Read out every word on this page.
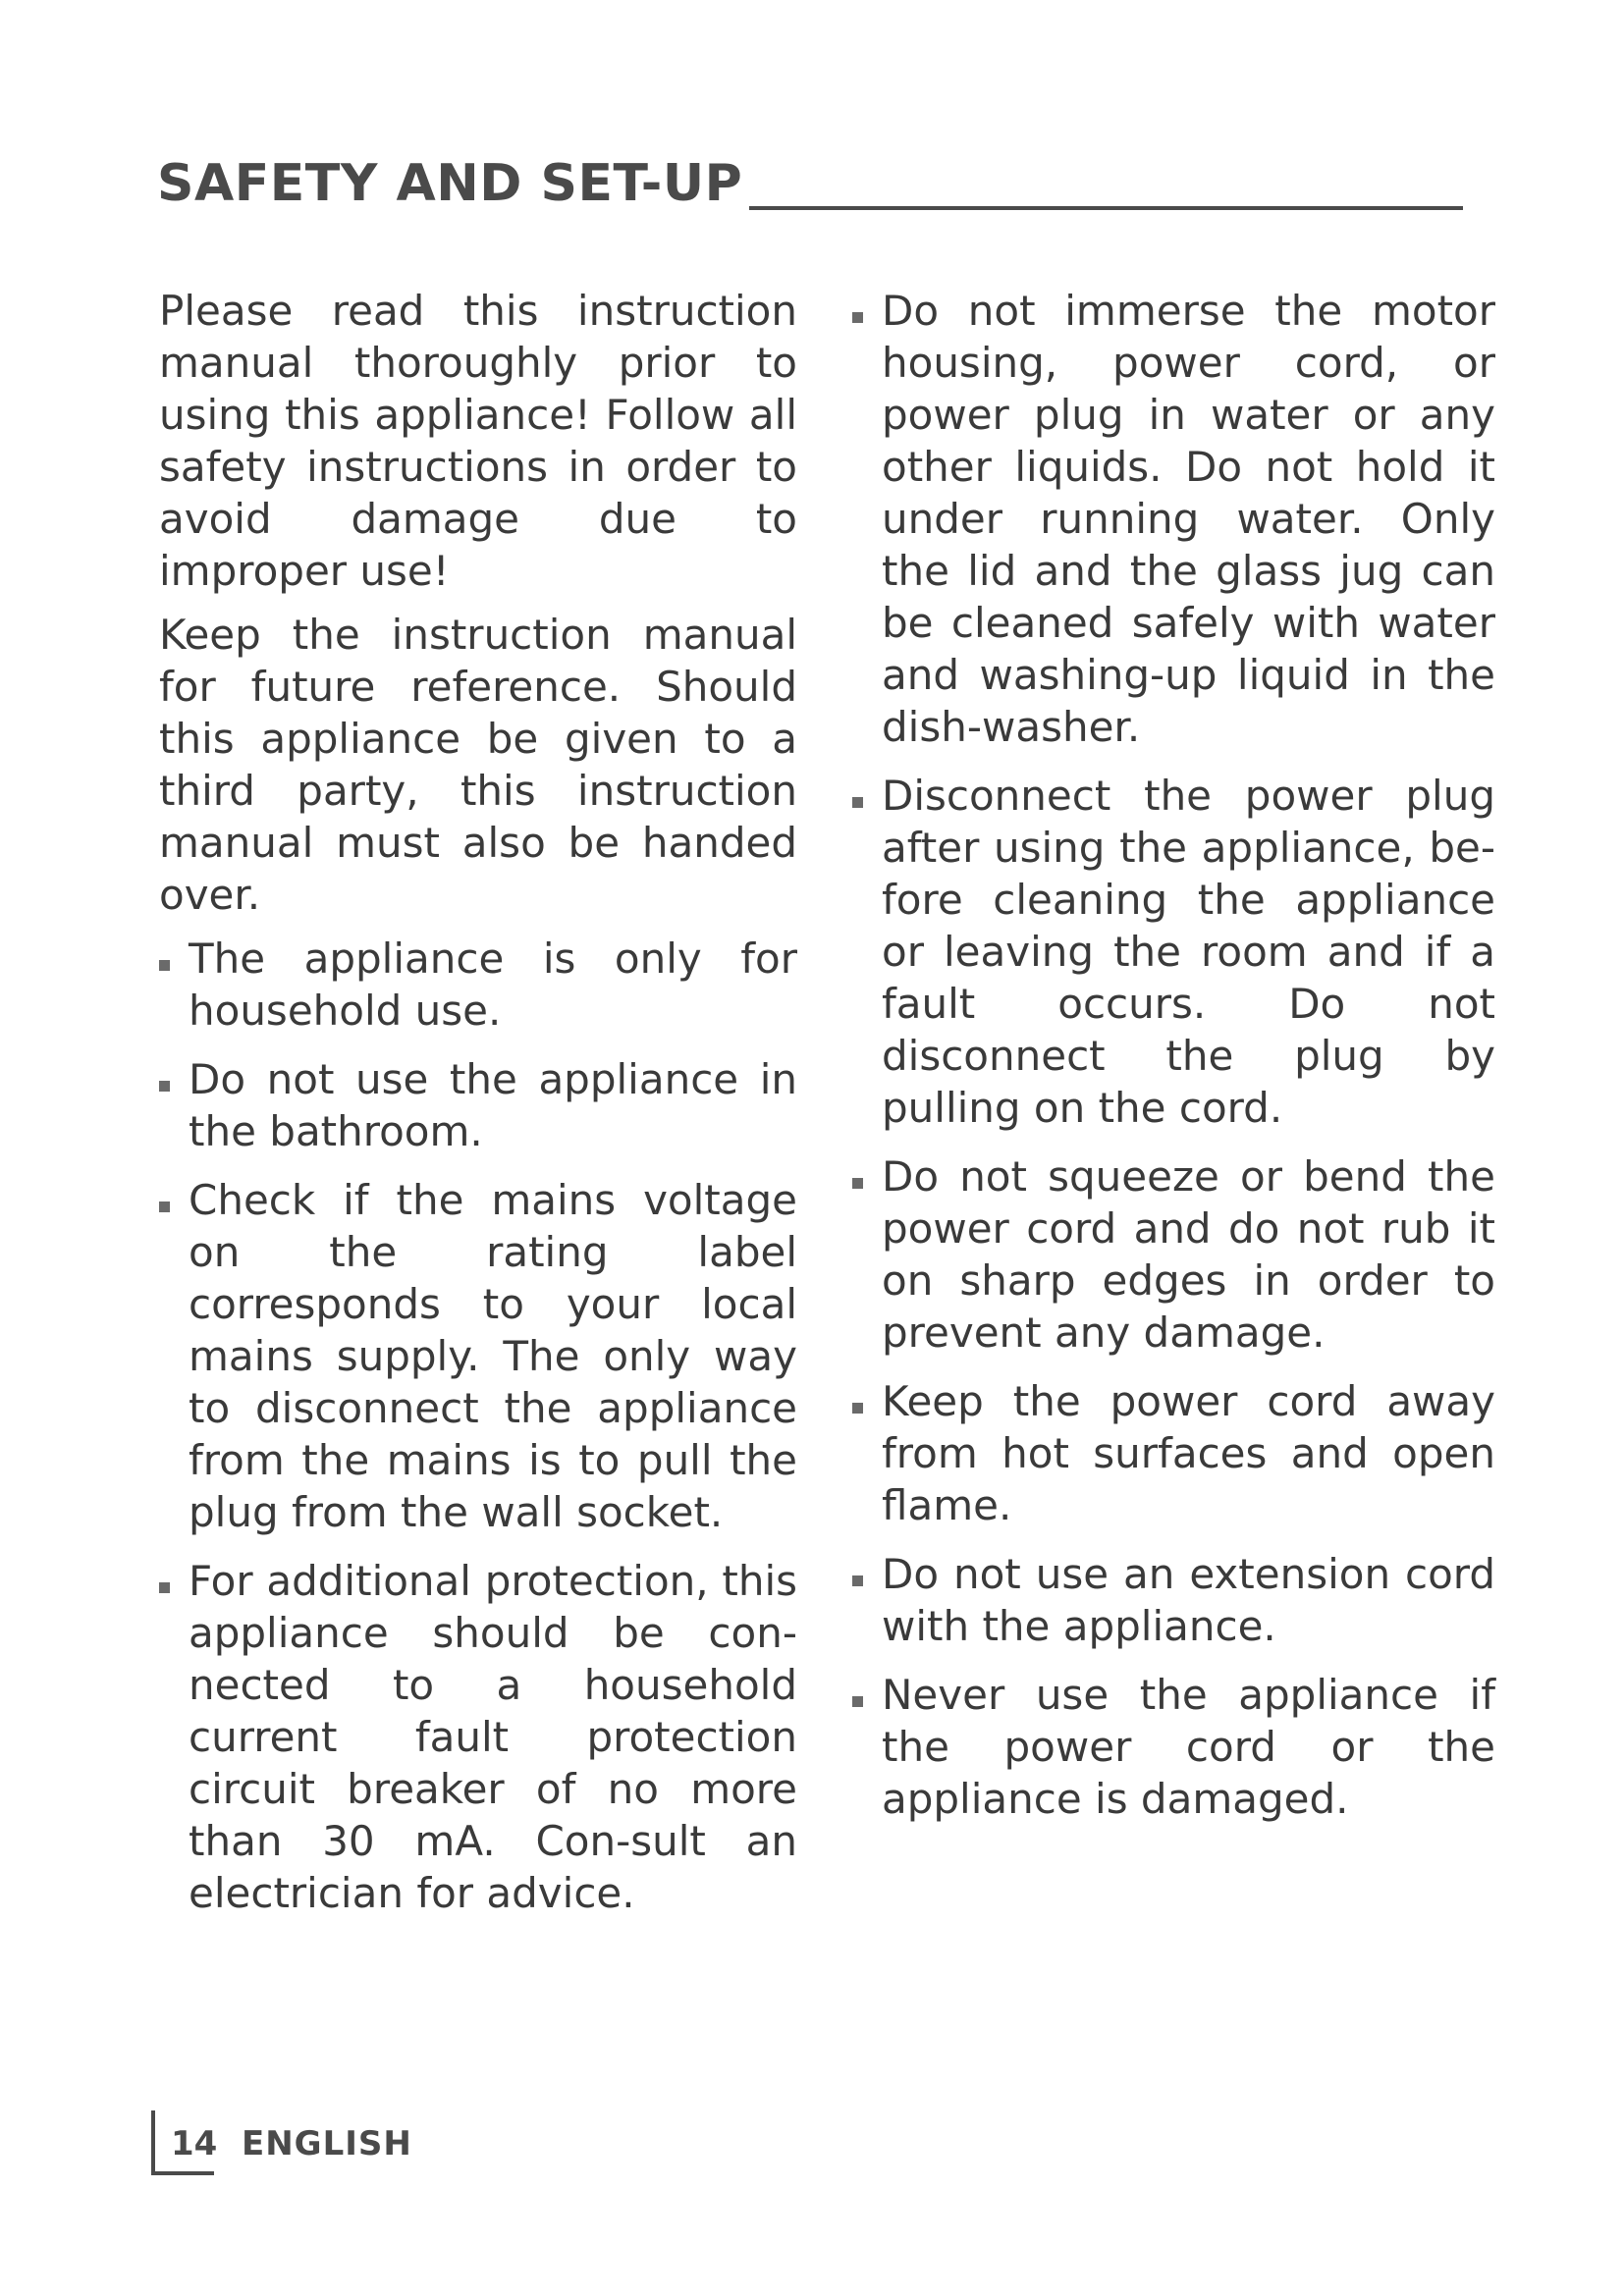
SAFETY AND SET-UP

Please read this instruction manual thoroughly prior to using this appliance! Follow all safety instructions in order to avoid damage due to improper use!

Keep the instruction manual for future reference. Should this appliance be given to a third party, this instruction manual must also be handed over.

The appliance is only for household use.
Do not use the appliance in the bathroom.
Check if the mains voltage on the rating label corresponds to your local mains supply. The only way to disconnect the appliance from the mains is to pull the plug from the wall socket.
For additional protection, this appliance should be con-nected to a household current fault protection circuit breaker of no more than 30 mA. Con-sult an electrician for advice.
Do not immerse the motor housing, power cord, or power plug in water or any other liquids. Do not hold it under running water. Only the lid and the glass jug can be cleaned safely with water and washing-up liquid in the dish-washer.
Disconnect the power plug after using the appliance, be-fore cleaning the appliance or leaving the room and if a fault occurs. Do not disconnect the plug by pulling on the cord.
Do not squeeze or bend the power cord and do not rub it on sharp edges in order to prevent any damage.
Keep the power cord away from hot surfaces and open flame.
Do not use an extension cord with the appliance.
Never use the appliance if the power cord or the appliance is damaged.
14 ENGLISH
